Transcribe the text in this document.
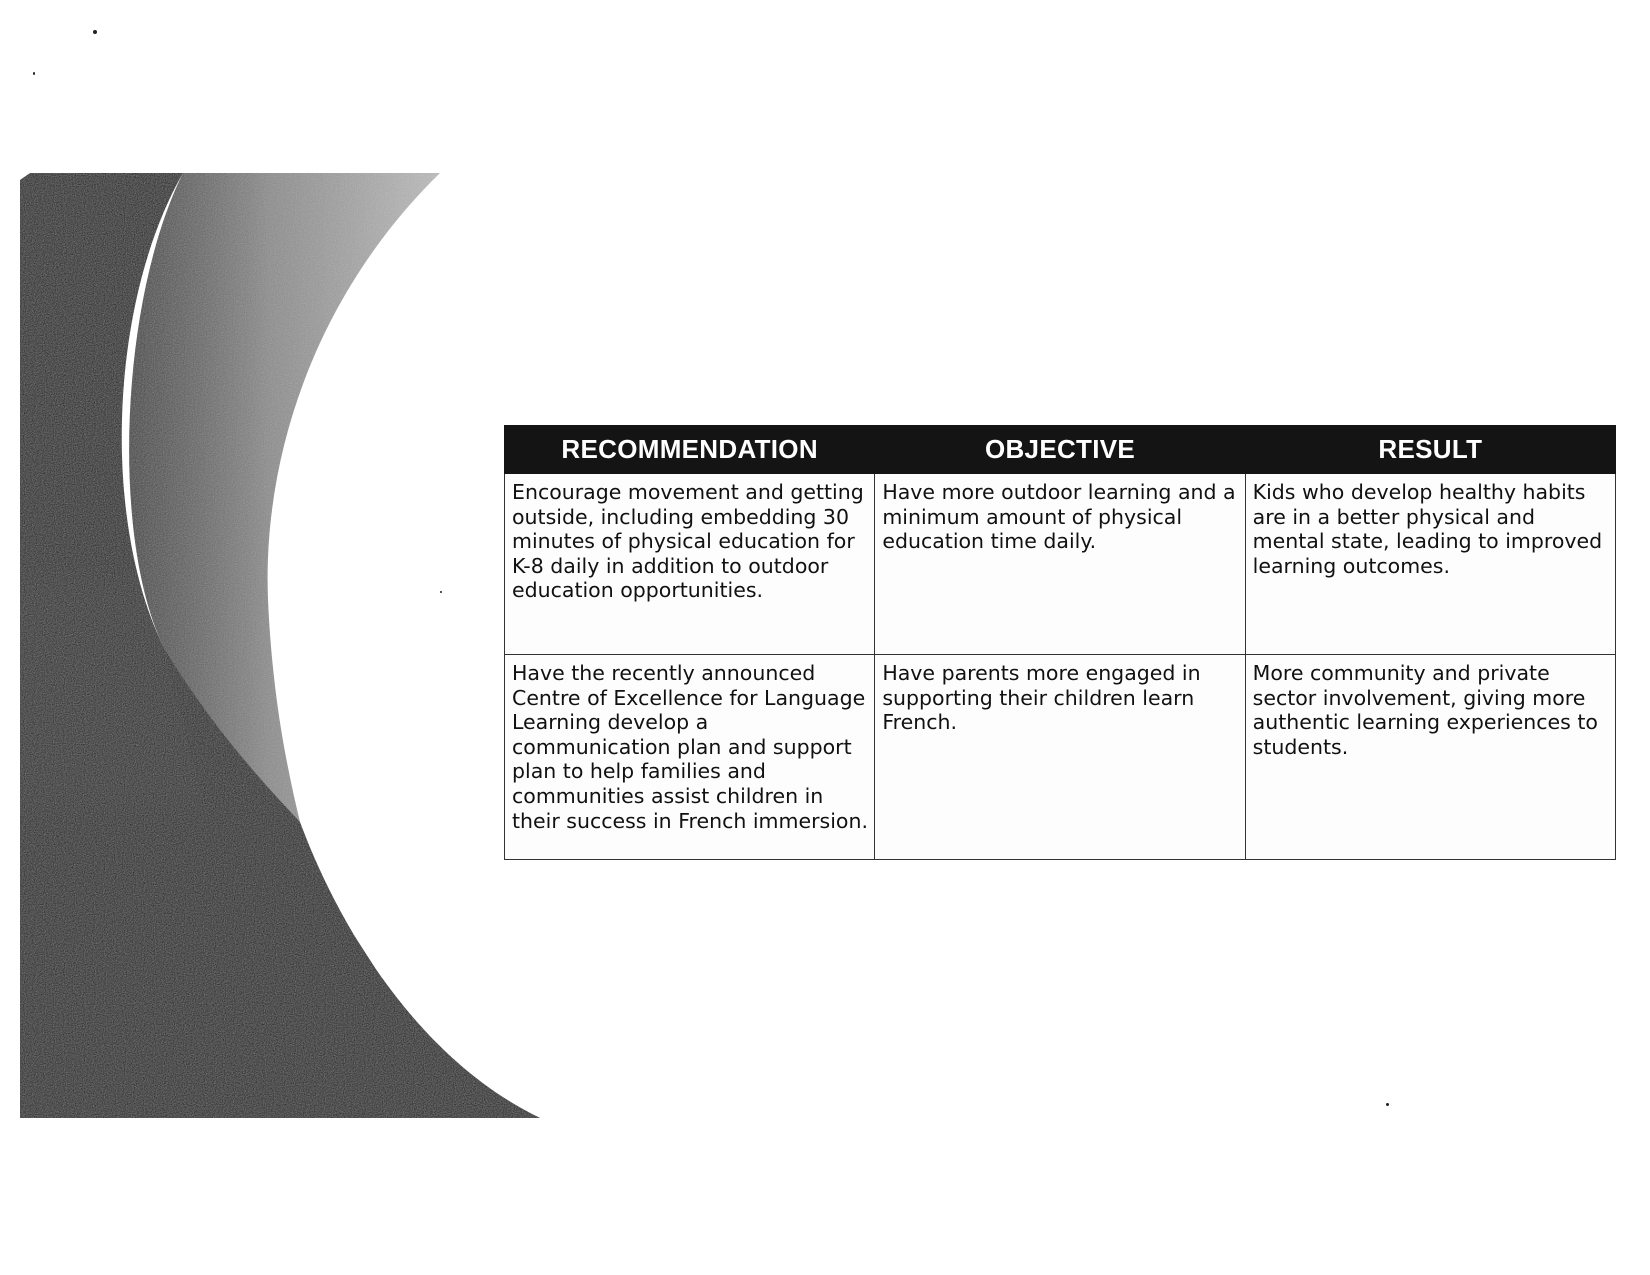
RECOMMENDATION	OBJECTIVE	RESULT
Encourage movement and getting outside, including embedding 30 minutes of physical education for K-8 daily in addition to outdoor education opportunities.	Have more outdoor learning and a minimum amount of physical education time daily.	Kids who develop healthy habits are in a better physical and mental state, leading to improved learning outcomes.
Have the recently announced Centre of Excellence for Language Learning develop a communication plan and support plan to help families and communities assist children in their success in French immersion.	Have parents more engaged in supporting their children learn French.	More community and private sector involvement, giving more authentic learning experiences to students.
